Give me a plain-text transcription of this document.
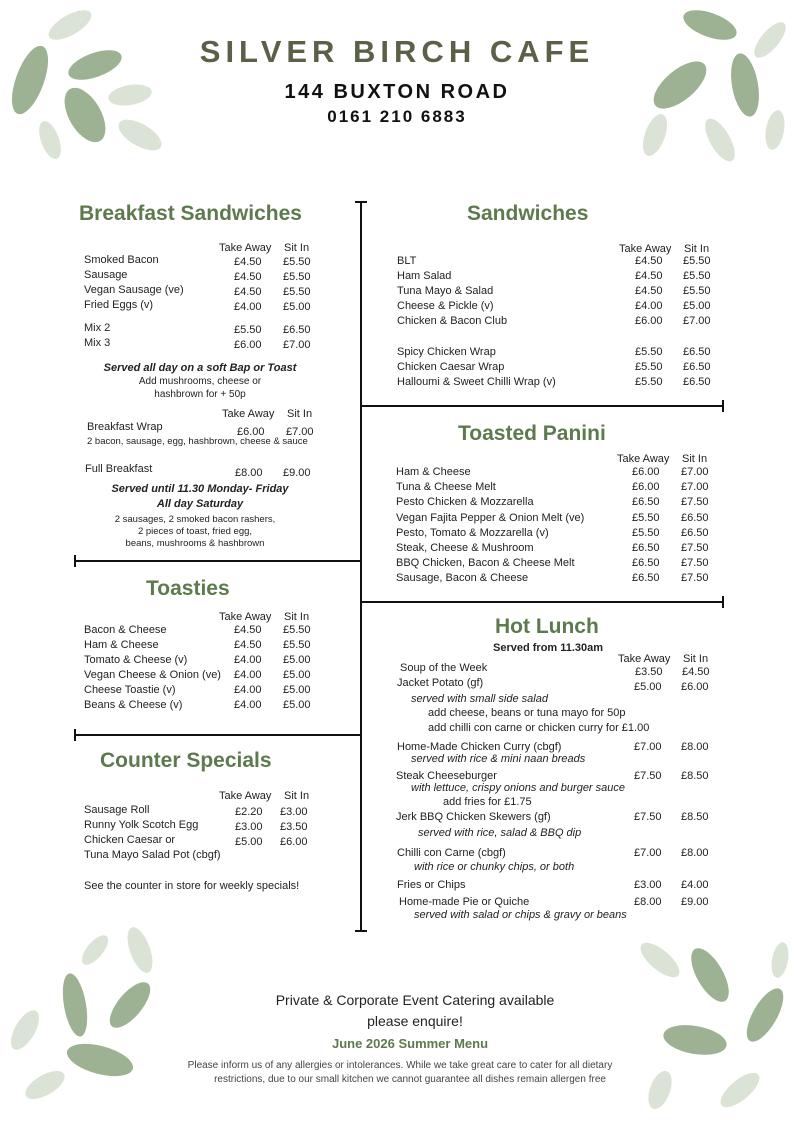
SILVER BIRCH CAFE
144 BUXTON ROAD
0161 210 6883
Breakfast Sandwiches
Take Away Sit In
Smoked Bacon	£4.50 £5.50
Sausage	£4.50 £5.50
Vegan Sausage (ve)	£4.50 £5.50
Fried Eggs (v)	£4.00 £5.00
Mix 2	£5.50 £6.50
Mix 3	£6.00 £7.00
Served all day on a soft Bap or Toast
Add mushrooms, cheese or
hashbrown for + 50p
Take Away Sit In
Breakfast Wrap	£6.00 £7.00
2 bacon, sausage, egg, hashbrown, cheese & sauce
Full Breakfast	£8.00 £9.00
Served until 11.30 Monday- Friday
All day Saturday
2 sausages, 2 smoked bacon rashers,
2 pieces of toast, fried egg,
beans, mushrooms & hashbrown
Toasties
Take Away Sit In
Bacon & Cheese	£4.50 £5.50
Ham & Cheese	£4.50 £5.50
Tomato & Cheese (v)	£4.00 £5.00
Vegan Cheese & Onion (ve) £4.00 £5.00
Cheese Toastie (v)	£4.00 £5.00
Beans & Cheese (v)	£4.00 £5.00
Counter Specials
Take Away Sit In
Sausage Roll	£2.20 £3.00
Runny Yolk Scotch Egg	£3.00 £3.50
Chicken Caesar or	£5.00 £6.00
Tuna Mayo Salad Pot (cbgf)
See the counter in store for weekly specials!
Sandwiches
Take Away Sit In
BLT	£4.50 £5.50
Ham Salad	£4.50 £5.50
Tuna Mayo & Salad	£4.50 £5.50
Cheese & Pickle (v)	£4.00 £5.00
Chicken & Bacon Club	£6.00 £7.00
Spicy Chicken Wrap	£5.50 £6.50
Chicken Caesar Wrap	£5.50 £6.50
Halloumi & Sweet Chilli Wrap (v)	£5.50 £6.50
Toasted Panini
Take Away Sit In
Ham & Cheese	£6.00 £7.00
Tuna & Cheese Melt	£6.00 £7.00
Pesto Chicken & Mozzarella	£6.50 £7.50
Vegan Fajita Pepper & Onion Melt (ve)	£5.50 £6.50
Pesto, Tomato & Mozzarella (v)	£5.50 £6.50
Steak, Cheese & Mushroom	£6.50 £7.50
BBQ Chicken, Bacon & Cheese Melt	£6.50 £7.50
Sausage, Bacon & Cheese	£6.50 £7.50
Hot Lunch
Served from 11.30am
Take Away Sit In
Soup of the Week	£3.50 £4.50
Jacket Potato (gf)	£5.00 £6.00
served with small side salad
add cheese, beans or tuna mayo for 50p
add chilli con carne or chicken curry for £1.00
Home-Made Chicken Curry (cbgf)	£7.00 £8.00
served with rice & mini naan breads
Steak Cheeseburger	£7.50 £8.50
with lettuce, crispy onions and burger sauce
add fries for £1.75
Jerk BBQ Chicken Skewers (gf)	£7.50 £8.50
served with rice, salad & BBQ dip
Chilli con Carne (cbgf)	£7.00 £8.00
with rice or chunky chips, or both
Fries or Chips	£3.00 £4.00
Home-made Pie or Quiche	£8.00 £9.00
served with salad or chips & gravy or beans
Private & Corporate Event Catering available
please enquire!
June 2026 Summer Menu
Please inform us of any allergies or intolerances. While we take great care to cater for all dietary
restrictions, due to our small kitchen we cannot guarantee all dishes remain allergen free
